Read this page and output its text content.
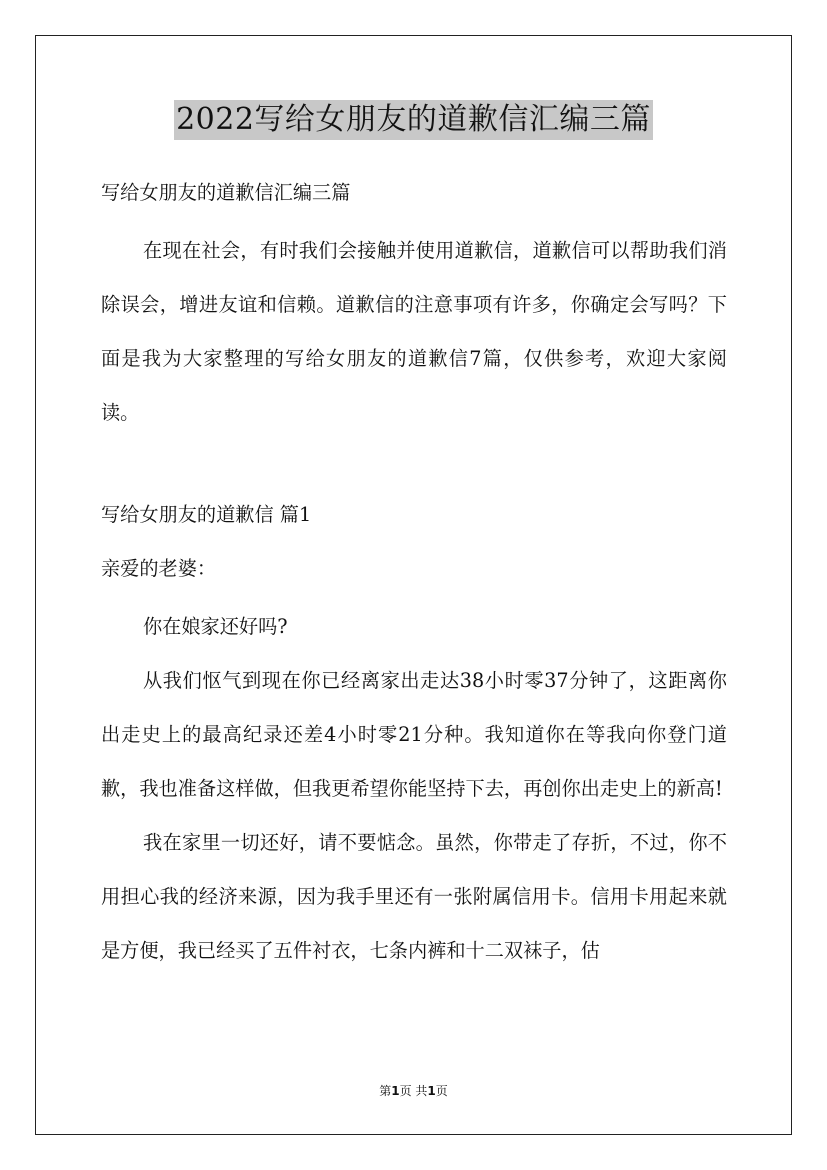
2022写给女朋友的道歉信汇编三篇
写给女朋友的道歉信汇编三篇

在现在社会，有时我们会接触并使用道歉信，道歉信可以帮助我们消除误会，增进友谊和信赖。道歉信的注意事项有许多，你确定会写吗？下面是我为大家整理的写给女朋友的道歉信7篇，仅供参考，欢迎大家阅读。

写给女朋友的道歉信 篇1
亲爱的老婆：

你在娘家还好吗?

从我们怄气到现在你已经离家出走达38小时零37分钟了，这距离你出走史上的最高纪录还差4小时零21分种。我知道你在等我向你登门道歉，我也准备这样做，但我更希望你能坚持下去，再创你出走史上的新高!

我在家里一切还好，请不要惦念。虽然，你带走了存折，不过，你不用担心我的经济来源，因为我手里还有一张附属信用卡。信用卡用起来就是方便，我已经买了五件衬衣，七条内裤和十二双袜子，估

第1页 共1页
